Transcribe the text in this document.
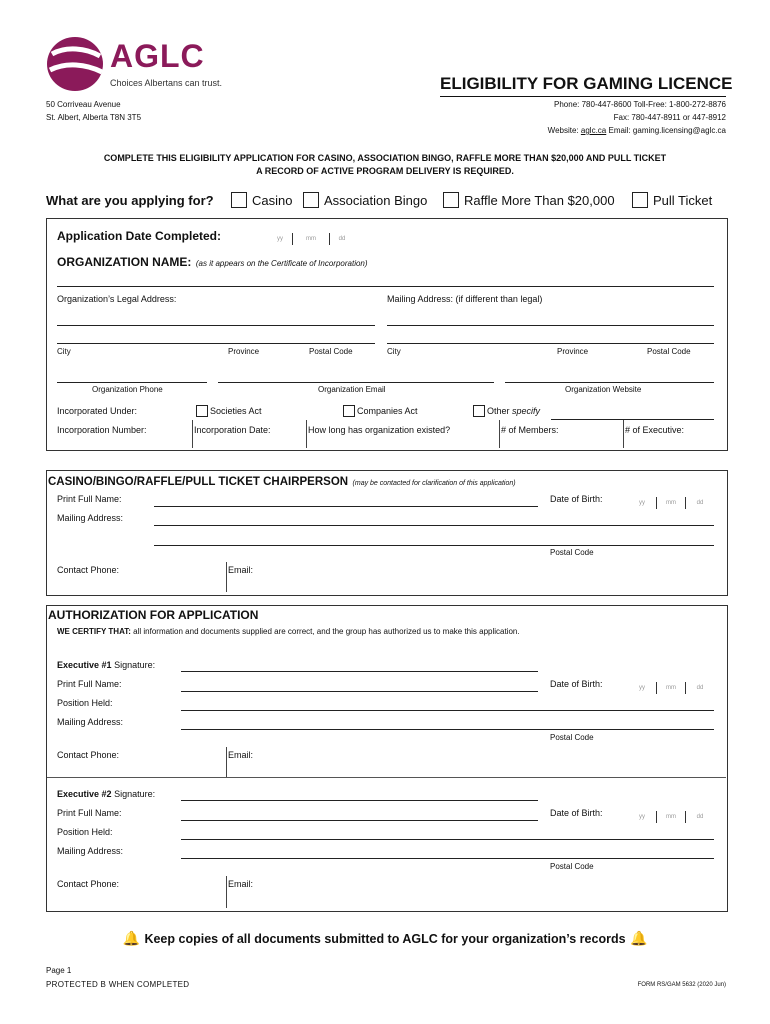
AGLC
Choices Albertans can trust.	ELIGIBILITY FOR GAMING LICENCE
50 Corriveau Avenue
St. Albert, Alberta T8N 3T5
Phone: 780-447-8600 Toll-Free: 1-800-272-8876
Fax: 780-447-8911 or 447-8912
Website: aglc.ca Email: gaming.licensing@aglc.ca
COMPLETE THIS ELIGIBILITY APPLICATION FOR CASINO, ASSOCIATION BINGO, RAFFLE MORE THAN $20,000 AND PULL TICKET
A RECORD OF ACTIVE PROGRAM DELIVERY IS REQUIRED.
What are you applying for?	Casino Association Bingo	Raffle More Than $20,000	Pull Ticket
Application Date Completed:	yy	mm	dd
ORGANIZATION NAME: (as it appears on the Certificate of Incorporation)
Organization’s Legal Address:	Mailing Address: (if different than legal)
City	Province	Postal Code	City	Province	Postal Code
Organization Phone	Organization Email	Organization Website
Incorporated Under:	Societies Act	Companies Act	Other specify
Incorporation Number:	Incorporation Date:	How long has organization existed?	# of Members:	# of Executive:
CASINO/BINGO/RAFFLE/PULL TICKET CHAIRPERSON (may be contacted for clarification of this application)
Print Full Name:	Date of Birth:	yy	mm	dd
Mailing Address:
Postal Code
Contact Phone:	Email:
AUTHORIZATION FOR APPLICATION
WE CERTIFY THAT: all information and documents supplied are correct, and the group has authorized us to make this application.
Executive #1 Signature:
Print Full Name:	Date of Birth:	yy	mm	dd
Position Held:
Mailing Address:
Postal Code
Contact Phone:	Email:
Executive #2 Signature:
Print Full Name:	Date of Birth:	yy	mm	dd
Position Held:
Mailing Address:
Postal Code
Contact Phone:	Email:
🔔 Keep copies of all documents submitted to AGLC for your organization’s records 🔔
Page 1
PROTECTED B WHEN COMPLETED	FORM RS/GAM 5632 (2020 Jun)
